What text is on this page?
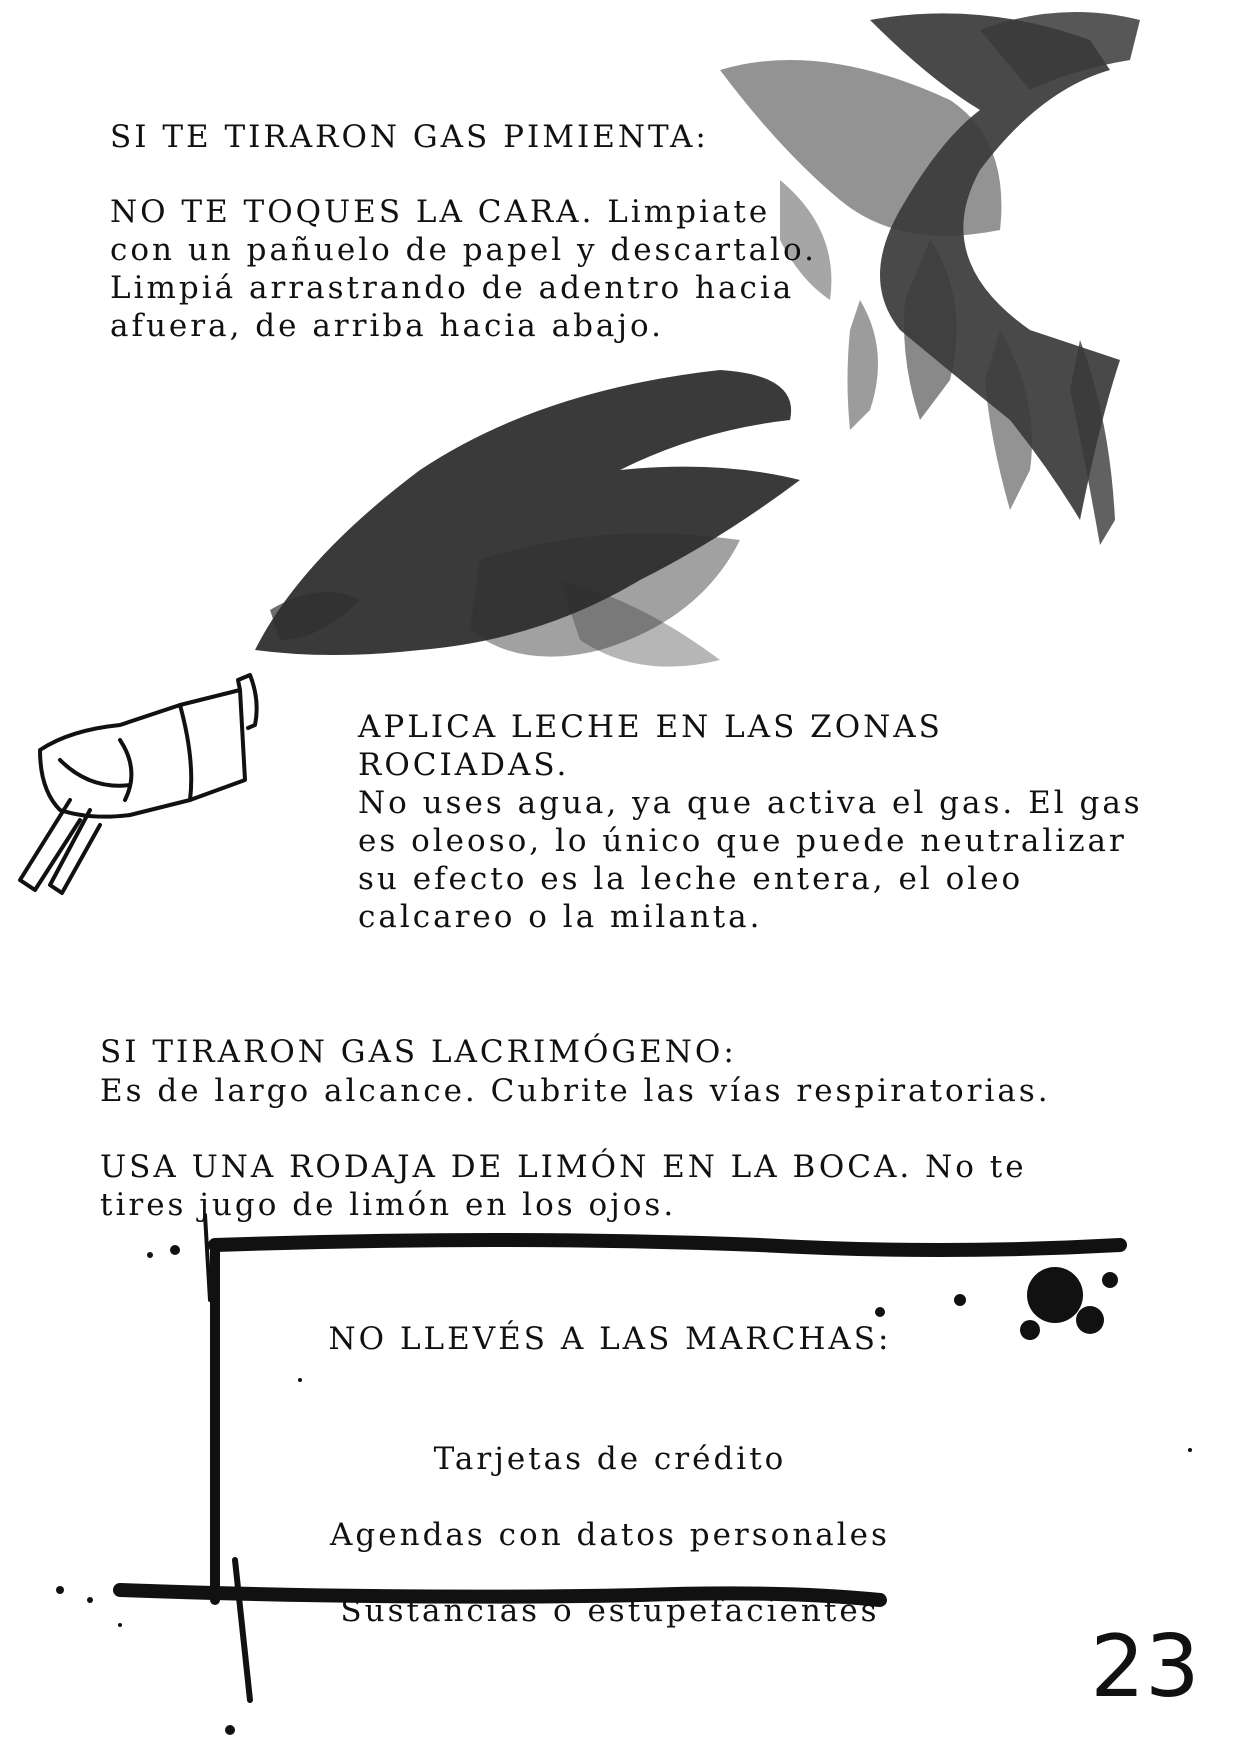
SI TE TIRARON GAS PIMIENTA:
NO TE TOQUES LA CARA. Limpiate con un pañuelo de papel y descartalo. Limpiá arrastrando de adentro hacia afuera, de arriba hacia abajo.
APLICA LECHE EN LAS ZONAS ROCIADAS.
No uses agua, ya que activa el gas. El gas es oleoso, lo único que puede neutralizar su efecto es la leche entera, el oleo calcareo o la milanta.
SI TIRARON GAS LACRIMÓGENO:
Es de largo alcance. Cubrite las vías respiratorias.
USA UNA RODAJA DE LIMÓN EN LA BOCA. No te tires jugo de limón en los ojos.
NO LLEVÉS A LAS MARCHAS:

Tarjetas de crédito

Agendas con datos personales

Sustancias o estupefacientes

23
